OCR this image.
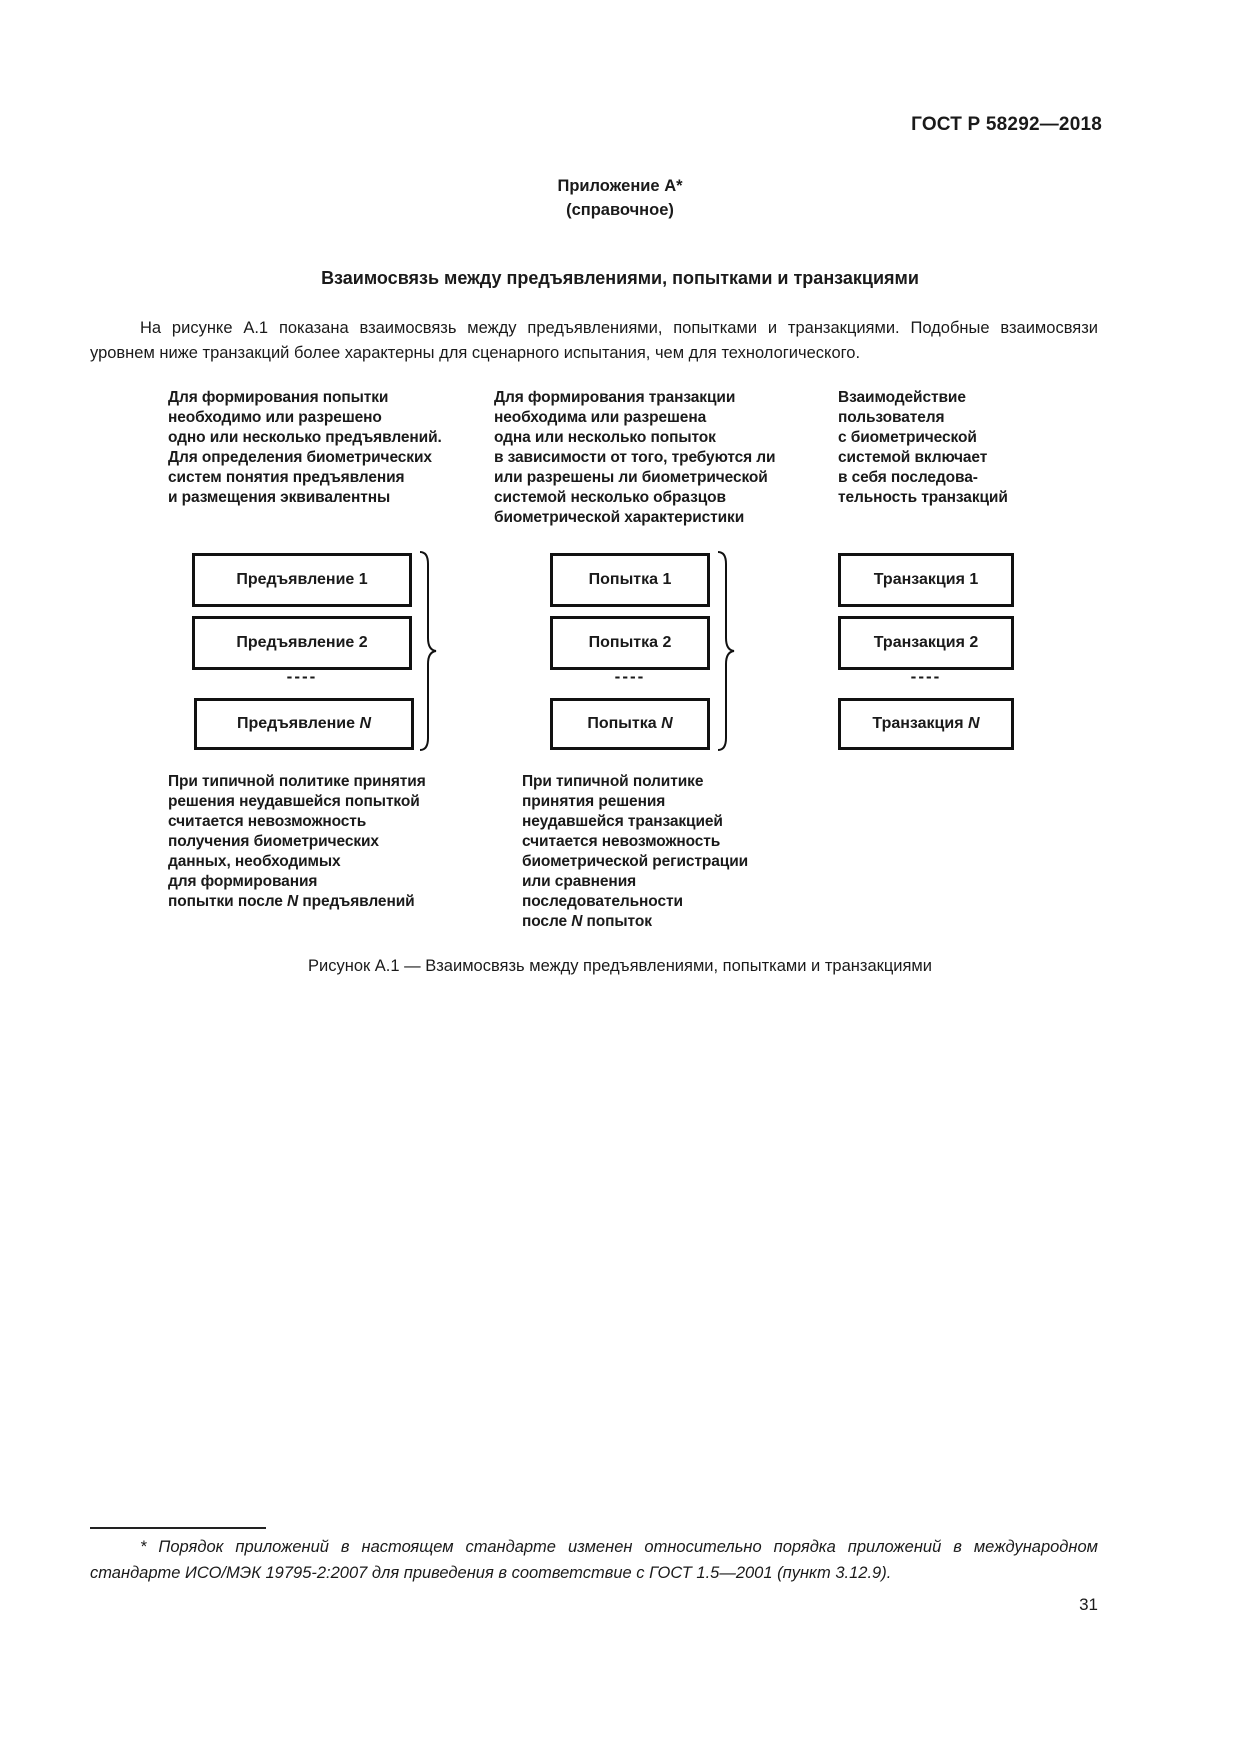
ГОСТ Р 58292—2018
Приложение А*
(справочное)
Взаимосвязь между предъявлениями, попытками и транзакциями

На рисунке А.1 показана взаимосвязь между предъявлениями, попытками и транзакциями. Подобные взаимосвязи уровнем ниже транзакций более характерны для сценарного испытания, чем для технологического.

Для формирования попытки
необходимо или разрешено
одно или несколько предъявлений.
Для определения биометрических
систем понятия предъявления
и размещения эквивалентны
Для формирования транзакции
необходима или разрешена
одна или несколько попыток
в зависимости от того, требуются ли
или разрешены ли биометрической
системой несколько образцов
биометрической характеристики
Взаимодействие
пользователя
с биометрической
системой включает
в себя последова-
тельность транзакций
Предъявление 1
Предъявление 2
----
Предъявление N
Попытка 1
Попытка 2
----
Попытка N
Транзакция 1
Транзакция 2
----
Транзакция N
При типичной политике принятия
решения неудавшейся попыткой
считается невозможность
получения биометрических
данных, необходимых
для формирования
попытки после N предъявлений
При типичной политике
принятия решения
неудавшейся транзакцией
считается невозможность
биометрической регистрации
или сравнения
последовательности
после N попыток
Рисунок А.1 — Взаимосвязь между предъявлениями, попытками и транзакциями

* Порядок приложений в настоящем стандарте изменен относительно порядка приложений в международном стандарте ИСО/МЭК 19795-2:2007 для приведения в соответствие с ГОСТ 1.5—2001 (пункт 3.12.9).

31
